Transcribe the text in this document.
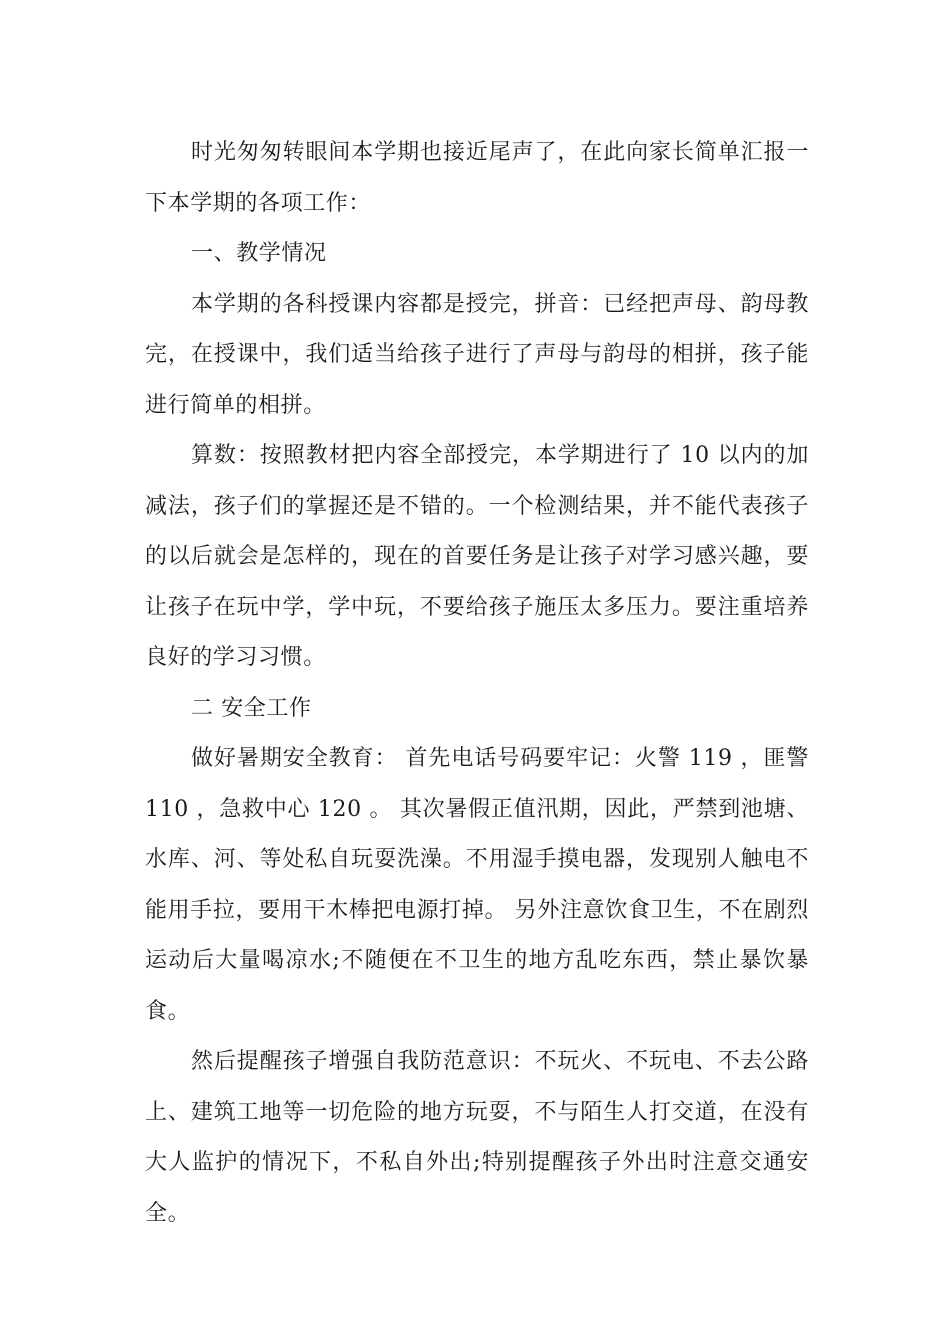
时光匆匆转眼间本学期也接近尾声了，在此向家长简单汇报一下本学期的各项工作：

一、教学情况

本学期的各科授课内容都是授完，拼音：已经把声母、韵母教完，在授课中，我们适当给孩子进行了声母与韵母的相拼，孩子能进行简单的相拼。

算数：按照教材把内容全部授完，本学期进行了 10 以内的加减法，孩子们的掌握还是不错的。一个检测结果，并不能代表孩子的以后就会是怎样的，现在的首要任务是让孩子对学习感兴趣，要让孩子在玩中学，学中玩，不要给孩子施压太多压力。要注重培养良好的学习习惯。

二 安全工作

做好暑期安全教育： 首先电话号码要牢记：火警 119 ，匪警 110 ，急救中心 120 。 其次暑假正值汛期，因此，严禁到池塘、水库、河、等处私自玩耍洗澡。不用湿手摸电器，发现别人触电不能用手拉，要用干木棒把电源打掉。 另外注意饮食卫生，不在剧烈运动后大量喝凉水;不随便在不卫生的地方乱吃东西，禁止暴饮暴食。

然后提醒孩子增强自我防范意识：不玩火、不玩电、不去公路上、建筑工地等一切危险的地方玩耍，不与陌生人打交道，在没有大人监护的情况下，不私自外出;特别提醒孩子外出时注意交通安全。
